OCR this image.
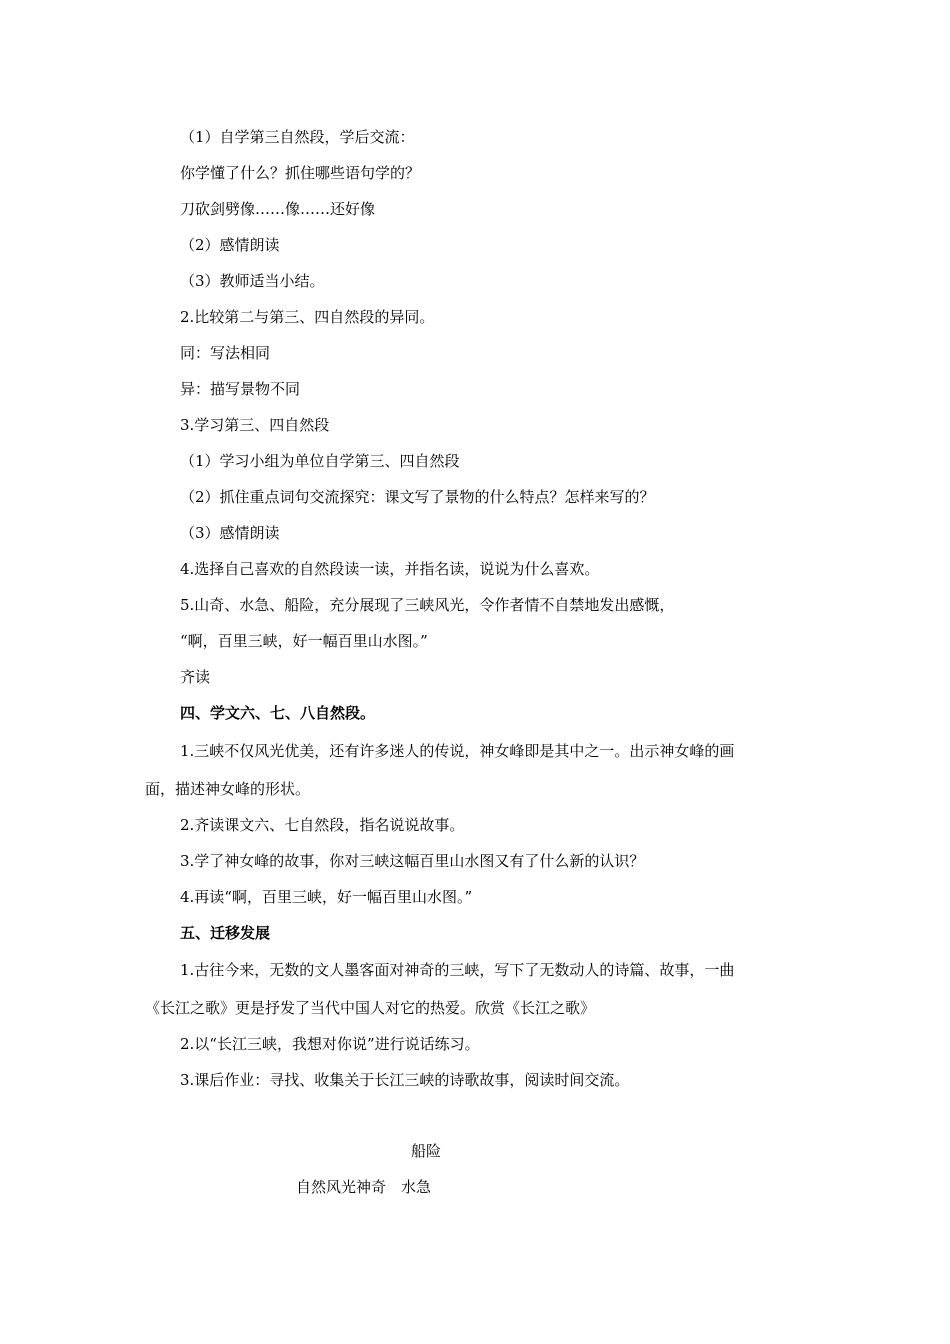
（1）自学第三自然段，学后交流：
你学懂了什么？抓住哪些语句学的？
刀砍剑劈像……像……还好像
（2）感情朗读
（3）教师适当小结。
2.比较第二与第三、四自然段的异同。
同：写法相同
异：描写景物不同
3.学习第三、四自然段
（1）学习小组为单位自学第三、四自然段
（2）抓住重点词句交流探究：课文写了景物的什么特点？怎样来写的？
（3）感情朗读
4.选择自己喜欢的自然段读一读，并指名读，说说为什么喜欢。
5.山奇、水急、船险，充分展现了三峡风光，令作者情不自禁地发出感慨，
“啊，百里三峡，好一幅百里山水图。”
齐读
四、学文六、七、八自然段。
1.三峡不仅风光优美，还有许多迷人的传说，神女峰即是其中之一。出示神女峰的画
面，描述神女峰的形状。
2.齐读课文六、七自然段，指名说说故事。
3.学了神女峰的故事，你对三峡这幅百里山水图又有了什么新的认识？
4.再读“啊，百里三峡，好一幅百里山水图。”
五、迁移发展
1.古往今来，无数的文人墨客面对神奇的三峡，写下了无数动人的诗篇、故事，一曲
《长江之歌》更是抒发了当代中国人对它的热爱。欣赏《长江之歌》
2.以“长江三峡，我想对你说”进行说话练习。
3.课后作业：寻找、收集关于长江三峡的诗歌故事，阅读时间交流。
船险
自然风光神奇　水急
